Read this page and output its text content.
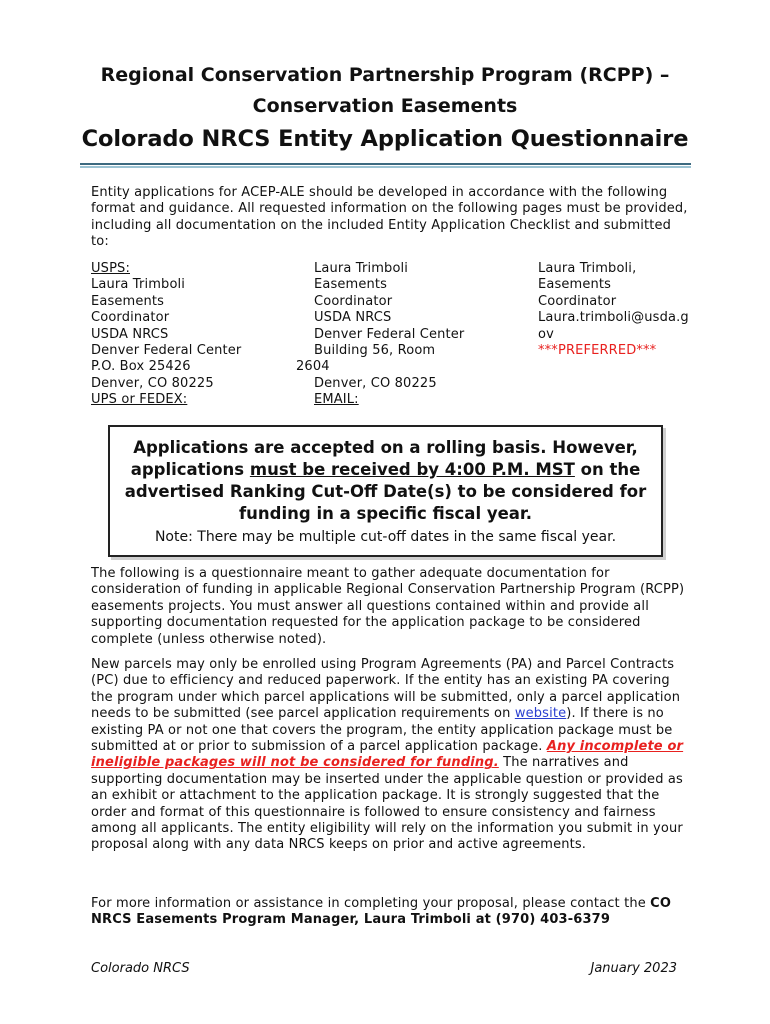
Regional Conservation Partnership Program (RCPP) –
Conservation Easements
Colorado NRCS Entity Application Questionnaire

Entity applications for ACEP-ALE should be developed in accordance with the following format and guidance. All requested information on the following pages must be provided, including all documentation on the included Entity Application Checklist and submitted to:

USPS:
Laura Trimboli
Easements
Coordinator
USDA NRCS
Denver Federal Center
P.O. Box 25426
Denver, CO 80225
UPS or FEDEX:
Laura Trimboli
Easements
Coordinator
USDA NRCS
Denver Federal Center
Building 56, Room
2604
Denver, CO 80225
EMAIL:
Laura Trimboli,
Easements
Coordinator
Laura.trimboli@usda.g
ov
***PREFERRED***
Applications are accepted on a rolling basis. However, applications must be received by 4:00 P.M. MST on the advertised Ranking Cut-Off Date(s) to be considered for funding in a specific fiscal year.
Note: There may be multiple cut-off dates in the same fiscal year.

The following is a questionnaire meant to gather adequate documentation for consideration of funding in applicable Regional Conservation Partnership Program (RCPP) easements projects. You must answer all questions contained within and provide all supporting documentation requested for the application package to be considered complete (unless otherwise noted).

New parcels may only be enrolled using Program Agreements (PA) and Parcel Contracts (PC) due to efficiency and reduced paperwork. If the entity has an existing PA covering the program under which parcel applications will be submitted, only a parcel application needs to be submitted (see parcel application requirements on website). If there is no existing PA or not one that covers the program, the entity application package must be submitted at or prior to submission of a parcel application package. Any incomplete or ineligible packages will not be considered for funding. The narratives and supporting documentation may be inserted under the applicable question or provided as an exhibit or attachment to the application package. It is strongly suggested that the order and format of this questionnaire is followed to ensure consistency and fairness among all applicants. The entity eligibility will rely on the information you submit in your proposal along with any data NRCS keeps on prior and active agreements.

For more information or assistance in completing your proposal, please contact the CO NRCS Easements Program Manager, Laura Trimboli at (970) 403-6379

Colorado NRCS	January 2023
